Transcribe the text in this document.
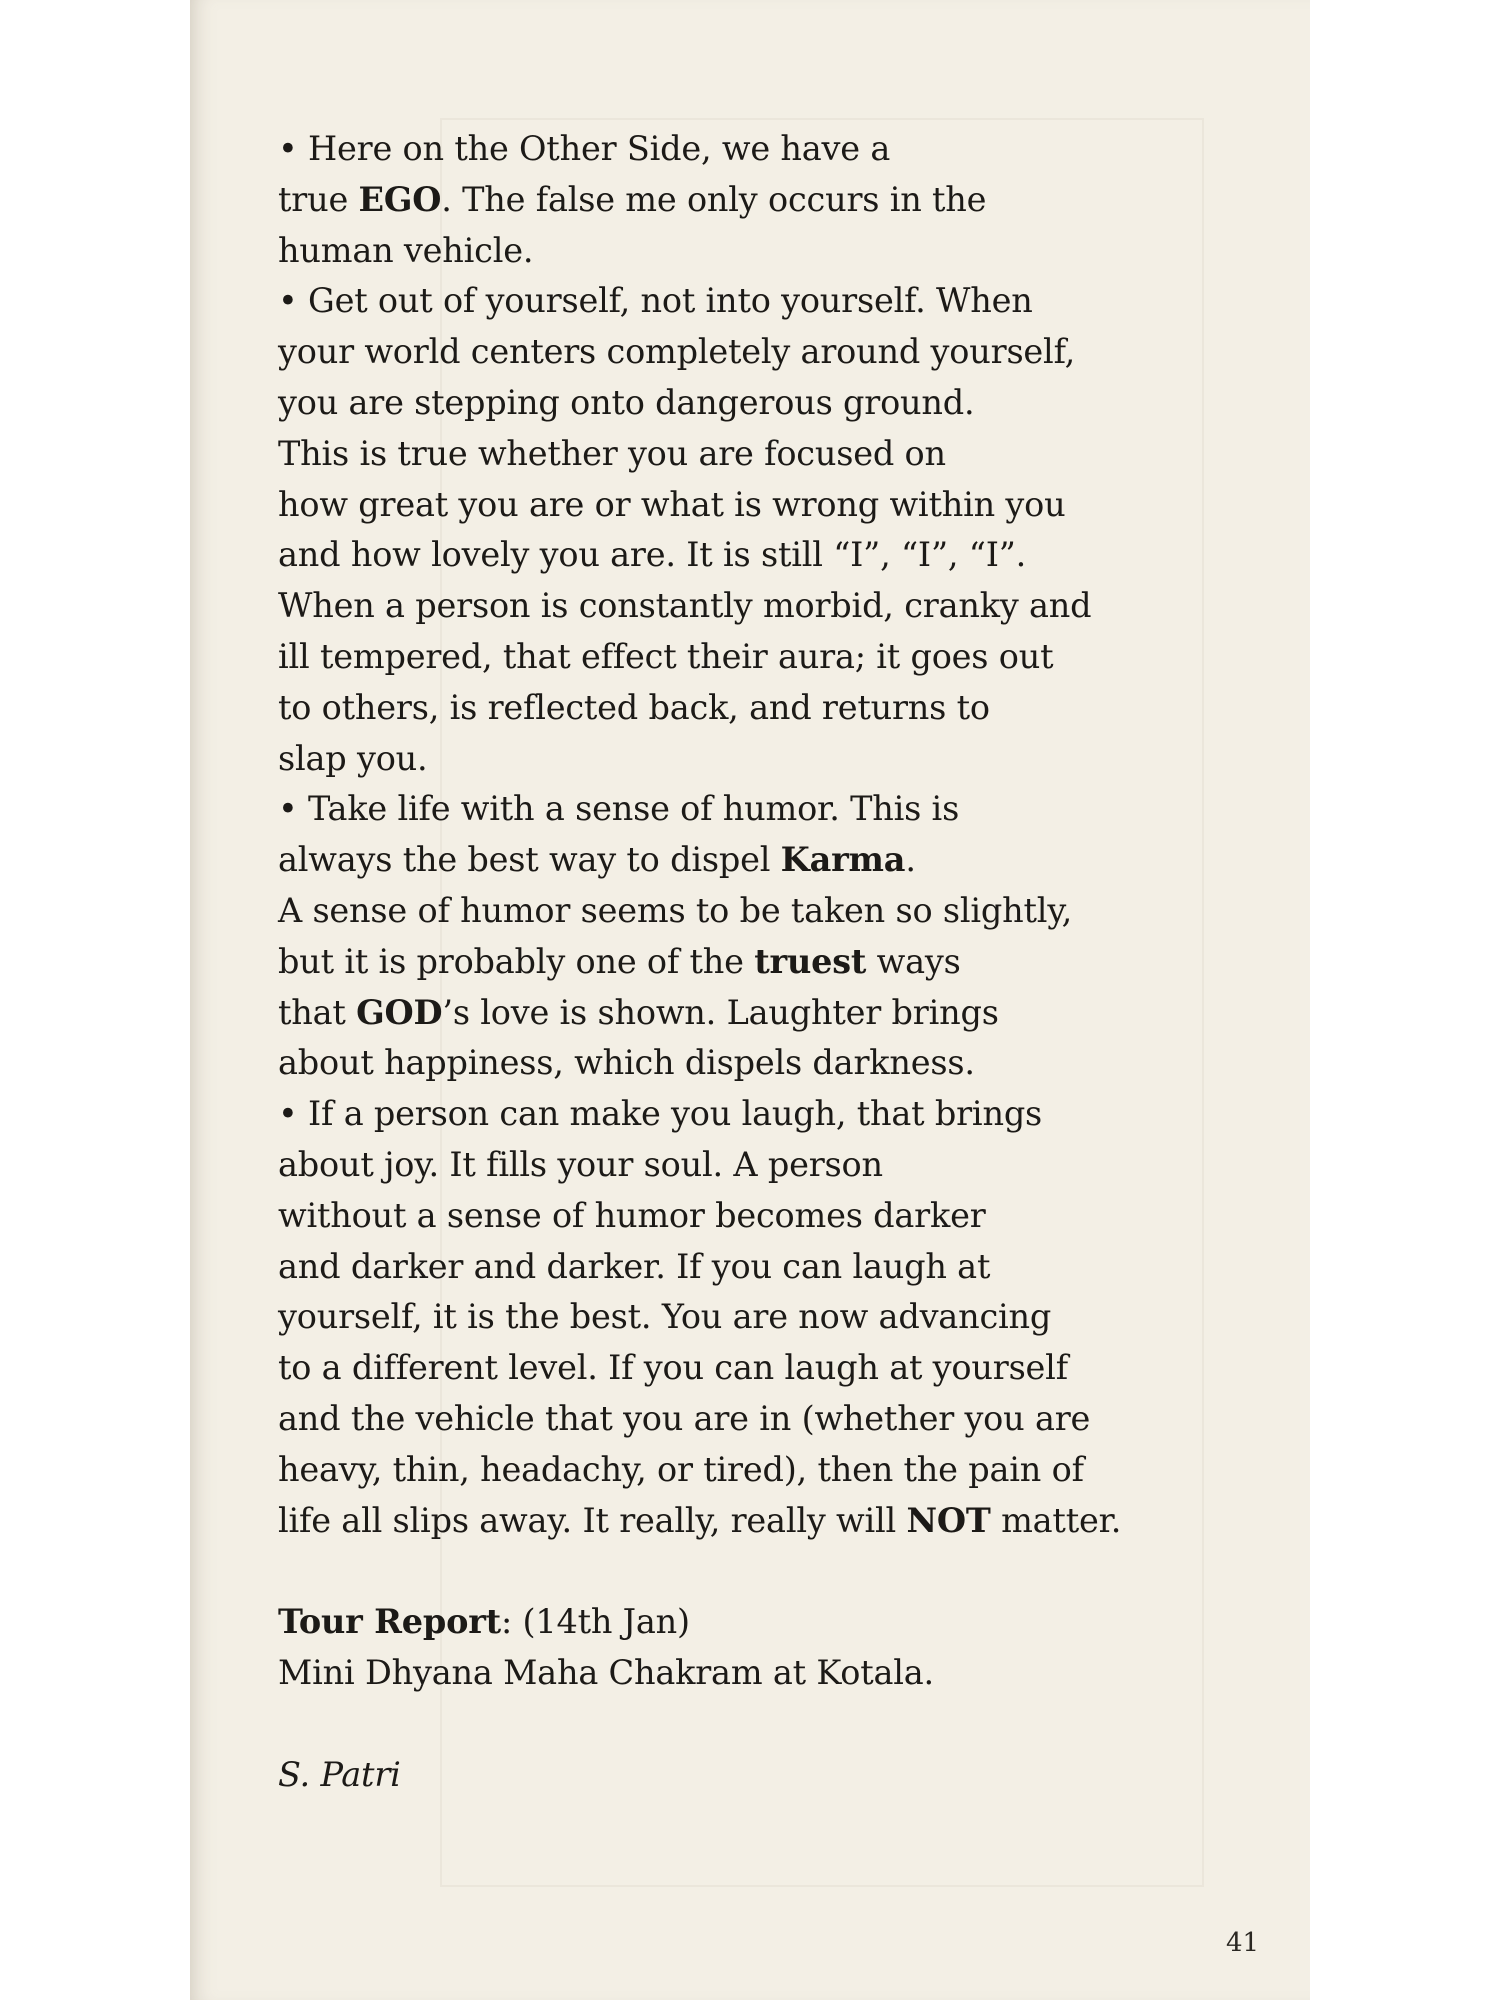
• Here on the Other Side, we have a
true EGO. The false me only occurs in the
human vehicle.
• Get out of yourself, not into yourself. When
your world centers completely around yourself,
you are stepping onto dangerous ground.
This is true whether you are focused on
how great you are or what is wrong within you
and how lovely you are. It is still “I”, “I”, “I”.
When a person is constantly morbid, cranky and
ill tempered, that effect their aura; it goes out
to others, is reflected back, and returns to
slap you.
• Take life with a sense of humor. This is
always the best way to dispel Karma.
A sense of humor seems to be taken so slightly,
but it is probably one of the truest ways
that GOD’s love is shown. Laughter brings
about happiness, which dispels darkness.
• If a person can make you laugh, that brings
about joy. It fills your soul. A person
without a sense of humor becomes darker
and darker and darker. If you can laugh at
yourself, it is the best. You are now advancing
to a different level. If you can laugh at yourself
and the vehicle that you are in (whether you are
heavy, thin, headachy, or tired), then the pain of
life all slips away. It really, really will NOT matter.
Tour Report: (14th Jan)
Mini Dhyana Maha Chakram at Kotala.
S. Patri
41
